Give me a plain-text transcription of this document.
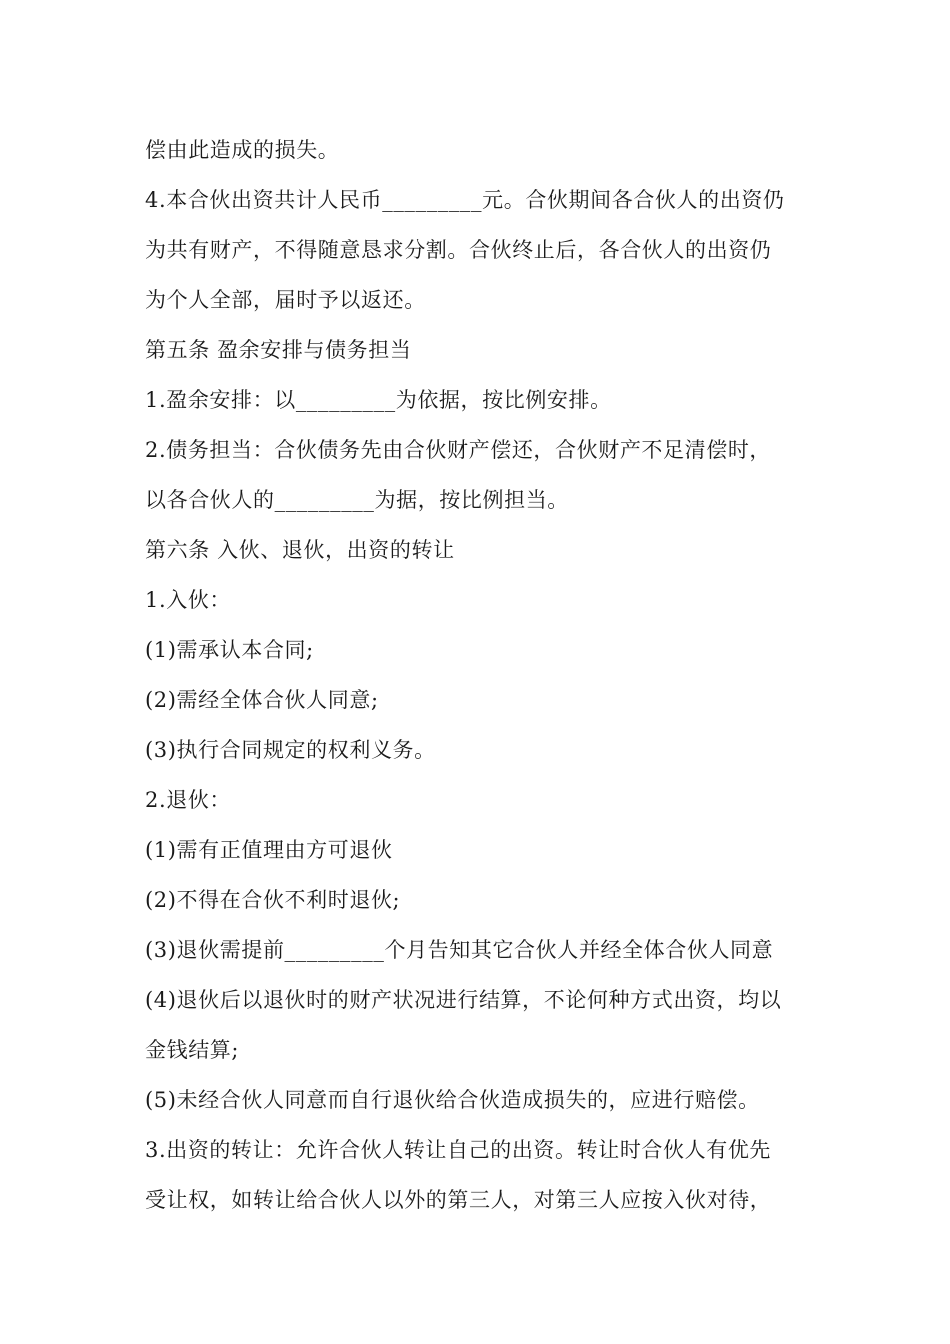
偿由此造成的损失。
4.本合伙出资共计人民币_________元。合伙期间各合伙人的出资仍
为共有财产，不得随意恳求分割。合伙终止后，各合伙人的出资仍
为个人全部，届时予以返还。
第五条 盈余安排与债务担当
1.盈余安排：以_________为依据，按比例安排。
2.债务担当：合伙债务先由合伙财产偿还，合伙财产不足清偿时，
以各合伙人的_________为据，按比例担当。
第六条 入伙、退伙，出资的转让
1.入伙：
(1)需承认本合同;
(2)需经全体合伙人同意;
(3)执行合同规定的权利义务。
2.退伙：
(1)需有正值理由方可退伙
(2)不得在合伙不利时退伙;
(3)退伙需提前_________个月告知其它合伙人并经全体合伙人同意
(4)退伙后以退伙时的财产状况进行结算，不论何种方式出资，均以
金钱结算;
(5)未经合伙人同意而自行退伙给合伙造成损失的，应进行赔偿。
3.出资的转让：允许合伙人转让自己的出资。转让时合伙人有优先
受让权，如转让给合伙人以外的第三人，对第三人应按入伙对待，
